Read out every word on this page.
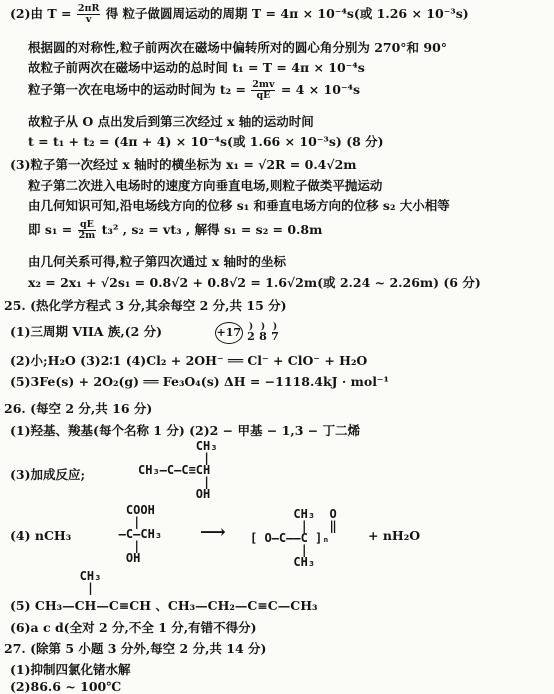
(2)由 $T = \frac{2\pi R}{v}$ 得 粒子做圆周运动的周期 T = 4π × 10⁻⁴s(或 1.26 × 10⁻³s)
根据圆的对称性,粒子前两次在磁场中偏转所对的圆心角分别为 270°和 90°
故粒子前两次在磁场中运动的总时间 t₁ = T = 4π × 10⁻⁴s
粒子第一次在电场中的运动时间为 $t_2 = \frac{2mv}{qE} = 4 \times 10^{-4}s$
故粒子从 O 点出发后到第三次经过 x 轴的运动时间
t = t₁ + t₂ = (4π + 4) × 10⁻⁴s(或 1.66 × 10⁻³s) (8 分)
(3)粒子第一次经过 x 轴时的横坐标为 x₁ = √2R = 0.4√2m
粒子第二次进入电场时的速度方向垂直电场,则粒子做类平抛运动
由几何知识可知,沿电场线方向的位移 s₁ 和垂直电场方向的位移 s₂ 大小相等
即 $s_1 = \frac{qE}{2m} t_3^2$ , s₂ = vt₃ , 解得 s₁ = s₂ = 0.8m
由几何关系可得,粒子第四次通过 x 轴时的坐标
x₂ = 2x₁ + √2s₁ = 0.8√2 + 0.8√2 = 1.6√2m(或 2.24 ~ 2.26m) (6 分)
25. (热化学方程式 3 分,其余每空 2 分,共 15 分)
(1)三周期 VIIA 族,(2 分)	+17 )
2
)
8
)
7
(2)小;H₂O (3)2∶1 (4)Cl₂ + 2OH⁻ ══ Cl⁻ + ClO⁻ + H₂O
(5)3Fe(s) + 2O₂(g) ══ Fe₃O₄(s) ΔH = −1118.4kJ · mol⁻¹
26. (每空 2 分,共 16 分)
(1)羟基、羧基(每个名称 1 分) (2)2 − 甲基 − 1,3 − 丁二烯
(3)加成反应;
CH₃
|
CH₃—C—C≡CH
|
OH
(4) nCH₃
COOH
|
—C—CH₃
|
OH
⟶
CH₃  O
|   ‖
[ O—C——C ]ₙ
|
CH₃
+ nH₂O
CH₃
|
(5) CH₃—CH—C≡CH 、CH₃—CH₂—C≡C—CH₃
(6)a c d(全对 2 分,不全 1 分,有错不得分)
27. (除第 5 小题 3 分外,每空 2 分,共 14 分)
(1)抑制四氯化锗水解
(2)86.6 ~ 100℃
